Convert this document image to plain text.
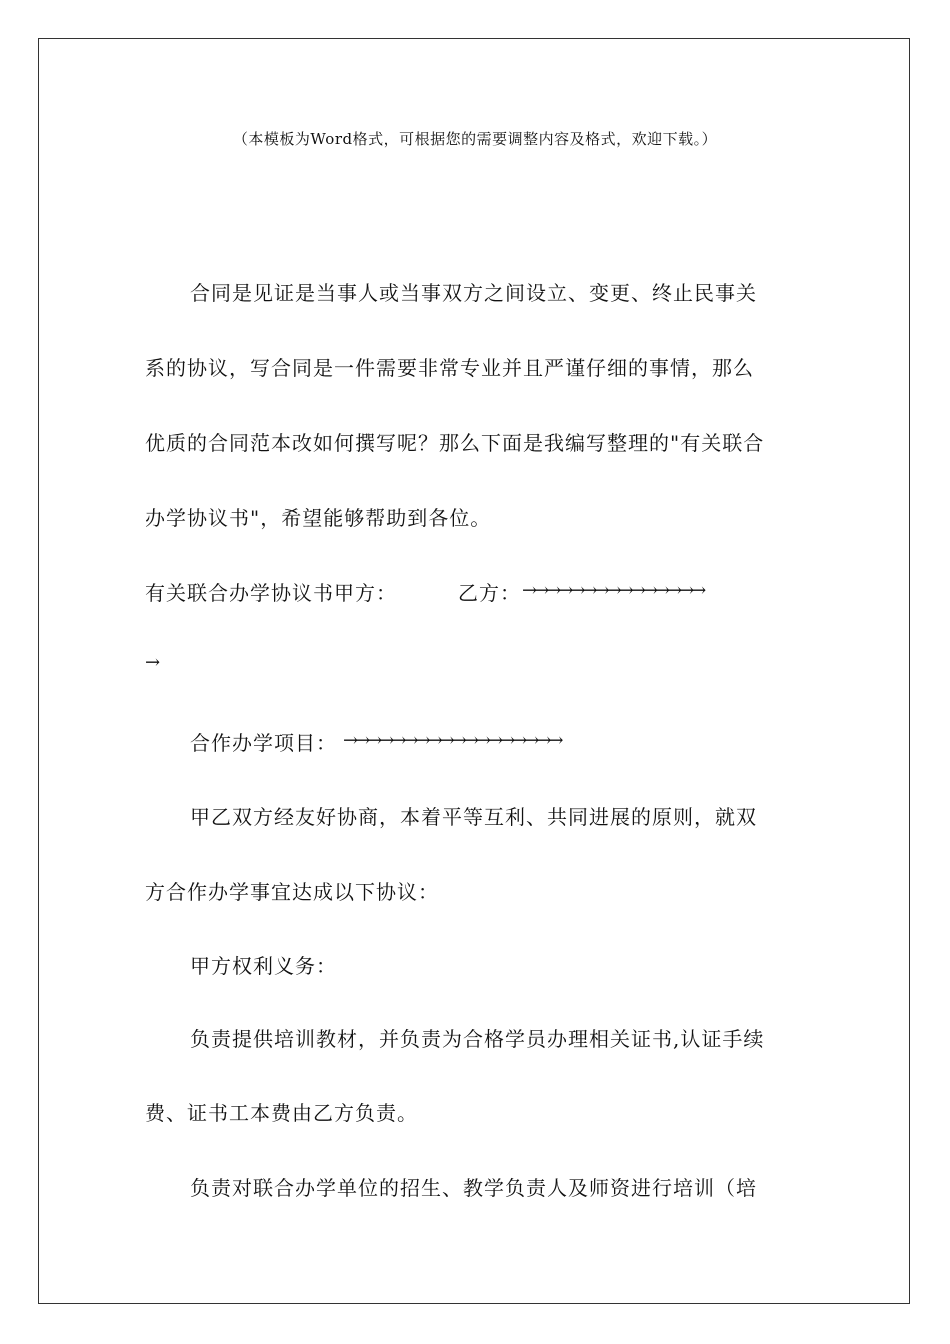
（本模板为Word格式，可根据您的需要调整内容及格式，欢迎下载。）
合同是见证是当事人或当事双方之间设立、变更、终止民事关
系的协议，写合同是一件需要非常专业并且严谨仔细的事情，那么
优质的合同范本改如何撰写呢？那么下面是我编写整理的"有关联合
办学协议书"，希望能够帮助到各位。
有关联合办学协议书甲方：	乙方： →→→→→→→→→→→→→→→
→
合作办学项目： →→→→→→→→→→→→→→→→→→
甲乙双方经友好协商，本着平等互利、共同进展的原则，就双
方合作办学事宜达成以下协议：
甲方权利义务：
负责提供培训教材，并负责为合格学员办理相关证书,认证手续
费、证书工本费由乙方负责。
负责对联合办学单位的招生、教学负责人及师资进行培训（培
